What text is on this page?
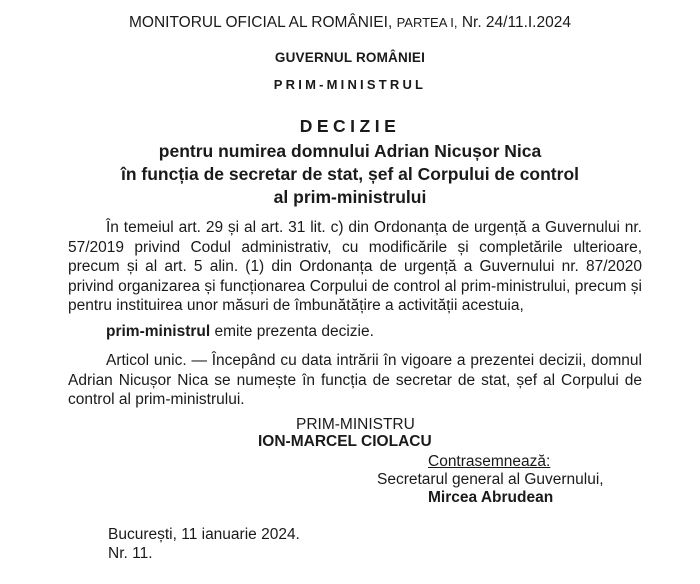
MONITORUL OFICIAL AL ROMÂNIEI, PARTEA I, Nr. 24/11.I.2024
GUVERNUL ROMÂNIEI
PRIM-MINISTRUL
DECIZIE
pentru numirea domnului Adrian Nicușor Nica
în funcția de secretar de stat, șef al Corpului de control
al prim-ministrului

În temeiul art. 29 și al art. 31 lit. c) din Ordonanța de urgență a Guvernului nr. 57/2019 privind Codul administrativ, cu modificările și completările ulterioare, precum și al art. 5 alin. (1) din Ordonanța de urgență a Guvernului nr. 87/2020 privind organizarea și funcționarea Corpului de control al prim-ministrului, precum și pentru instituirea unor măsuri de îmbunătățire a activității acestuia,

prim-ministrul emite prezenta decizie.

Articol unic. — Începând cu data intrării în vigoare a prezentei decizii, domnul Adrian Nicușor Nica se numește în funcția de secretar de stat, șef al Corpului de control al prim-ministrului.

PRIM-MINISTRU
ION-MARCEL CIOLACU
Contrasemnează:
Secretarul general al Guvernului,
Mircea Abrudean
București, 11 ianuarie 2024.
Nr. 11.
